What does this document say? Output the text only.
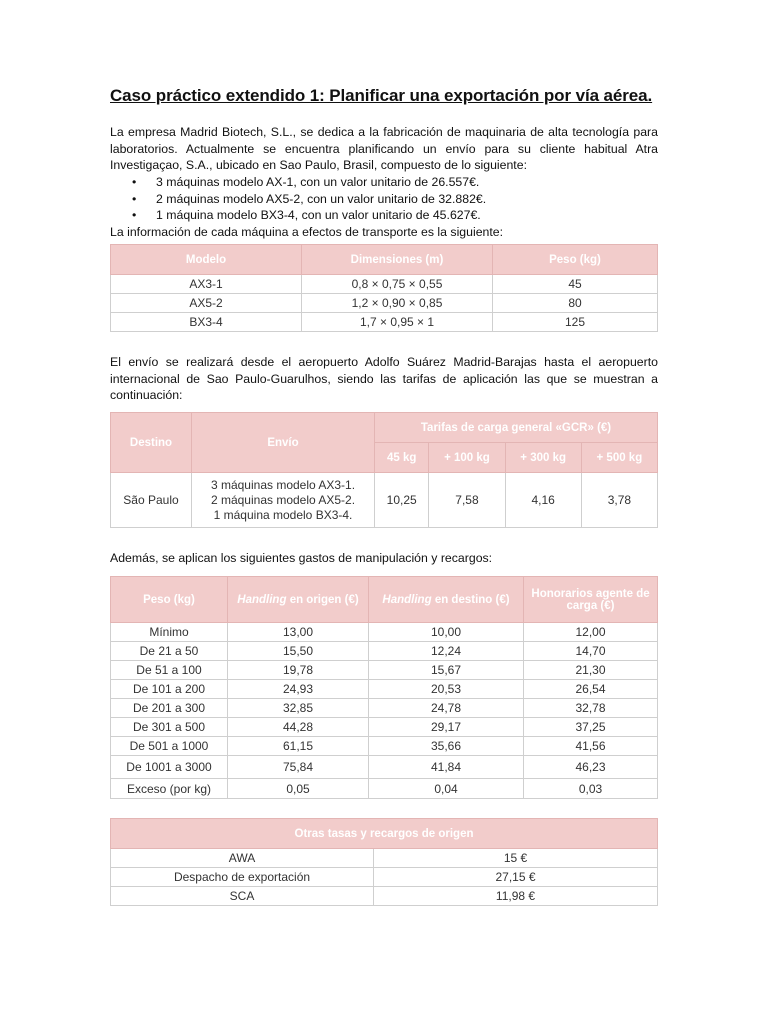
Caso práctico extendido 1: Planificar una exportación por vía aérea.

La empresa Madrid Biotech, S.L., se dedica a la fabricación de maquinaria de alta tecnología para laboratorios. Actualmente se encuentra planificando un envío para su cliente habitual Atra Investigaçao, S.A., ubicado en Sao Paulo, Brasil, compuesto de lo siguiente:

• 3 máquinas modelo AX-1, con un valor unitario de 26.557€.
• 2 máquinas modelo AX5-2, con un valor unitario de 32.882€.
• 1 máquina modelo BX3-4, con un valor unitario de 45.627€.

La información de cada máquina a efectos de transporte es la siguiente:

Modelo	Dimensiones (m)	Peso (kg)
AX3-1	0,8 × 0,75 × 0,55	45
AX5-2	1,2 × 0,90 × 0,85	80
BX3-4	1,7 × 0,95 × 1	125

El envío se realizará desde el aeropuerto Adolfo Suárez Madrid-Barajas hasta el aeropuerto internacional de Sao Paulo-Guarulhos, siendo las tarifas de aplicación las que se muestran a continuación:

Destino	Envío	Tarifas de carga general «GCR» (€)			
		45 kg	+ 100 kg	+ 300 kg	+ 500 kg
São Paulo	3 máquinas modelo AX3-1.
2 máquinas modelo AX5-2.
1 máquina modelo BX3-4.	10,25	7,58	4,16	3,78

Además, se aplican los siguientes gastos de manipulación y recargos:

Peso (kg)	Handling en origen (€)	Handling en destino (€)	Honorarios agente de carga (€)
Mínimo	13,00	10,00	12,00
De 21 a 50	15,50	12,24	14,70
De 51 a 100	19,78	15,67	21,30
De 101 a 200	24,93	20,53	26,54
De 201 a 300	32,85	24,78	32,78
De 301 a 500	44,28	29,17	37,25
De 501 a 1000	61,15	35,66	41,56
De 1001 a 3000	75,84	41,84	46,23
Exceso (por kg)	0,05	0,04	0,03
Otras tasas y recargos de origen	
AWA	15 €
Despacho de exportación	27,15 €
SCA	11,98 €
